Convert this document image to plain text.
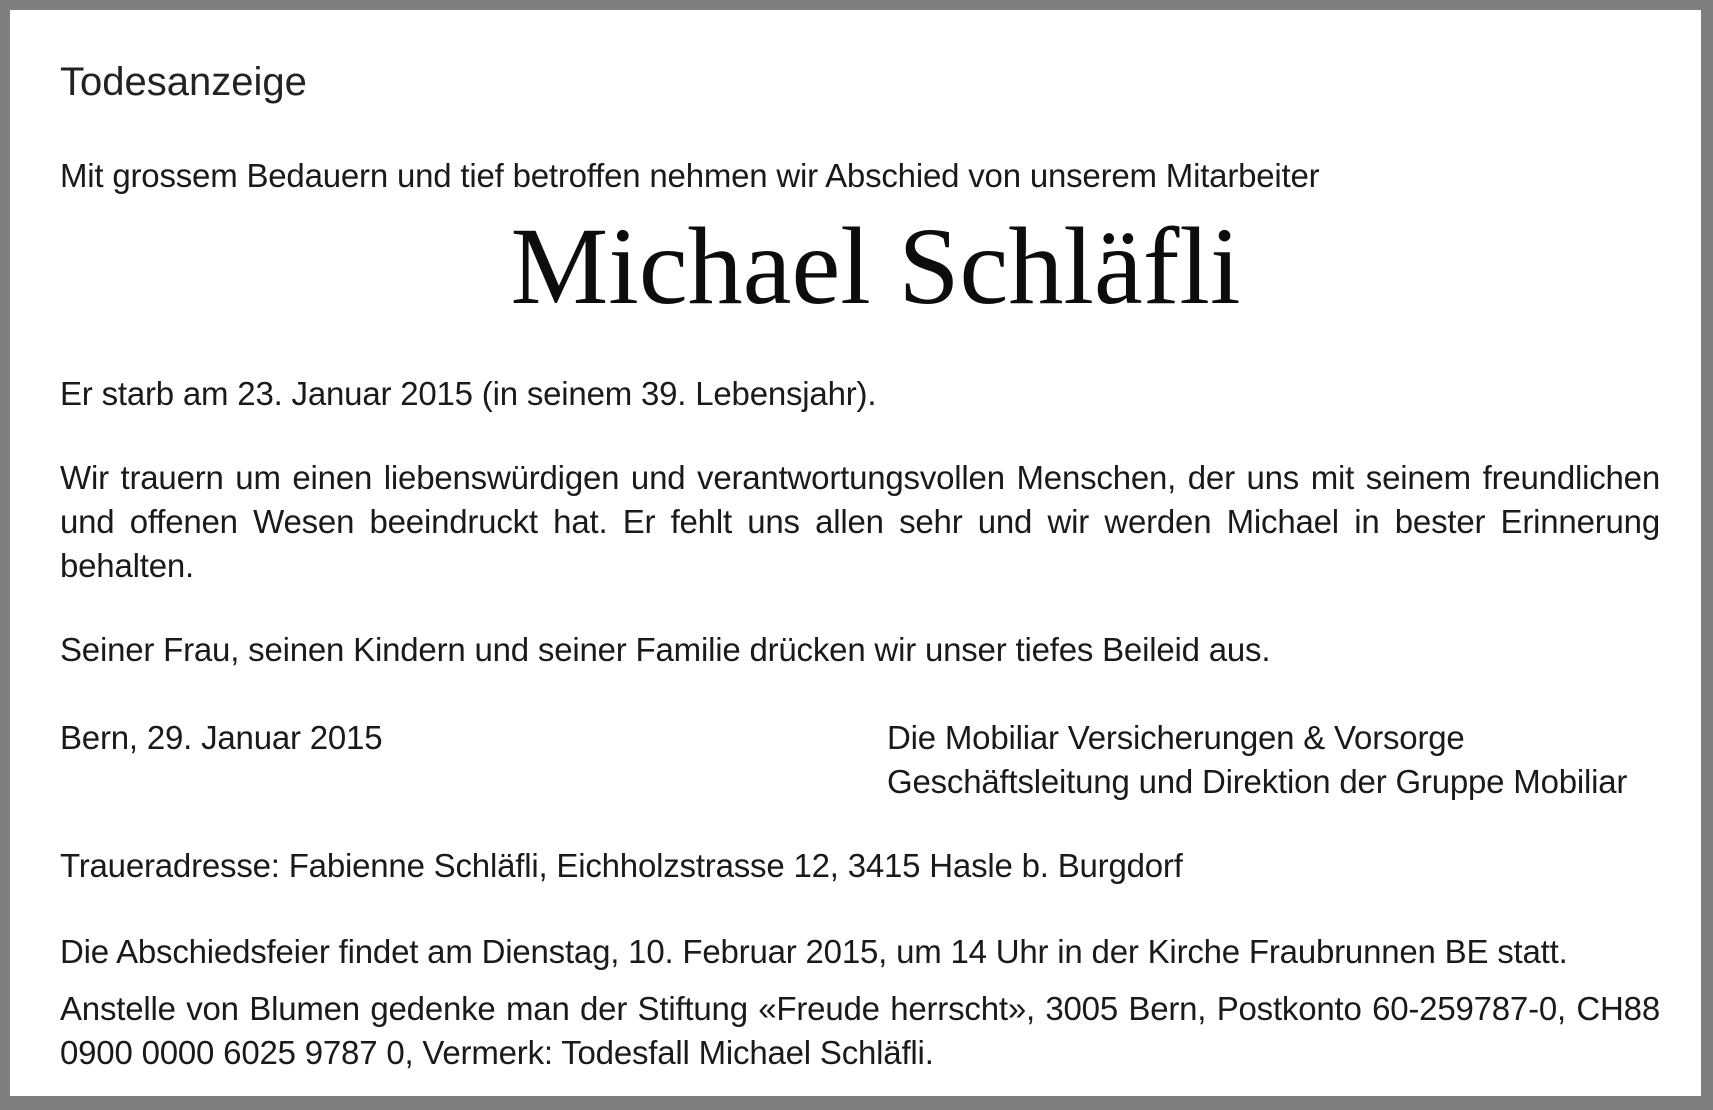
Todesanzeige

Mit grossem Bedauern und tief betroffen nehmen wir Abschied von unserem Mitarbeiter

Michael Schläfli

Er starb am 23. Januar 2015 (in seinem 39. Lebensjahr).

Wir trauern um einen liebenswürdigen und verantwortungsvollen Menschen, der uns mit seinem freundlichen und offenen Wesen beeindruckt hat. Er fehlt uns allen sehr und wir werden Michael in bester Erinnerung behalten.

Seiner Frau, seinen Kindern und seiner Familie drücken wir unser tiefes Beileid aus.

Bern, 29. Januar 2015	Die Mobiliar Versicherungen & Vorsorge

Geschäftsleitung und Direktion der Gruppe Mobiliar

Traueradresse: Fabienne Schläfli, Eichholzstrasse 12, 3415 Hasle b. Burgdorf

Die Abschiedsfeier findet am Dienstag, 10. Februar 2015, um 14 Uhr in der Kirche Fraubrunnen BE statt.

Anstelle von Blumen gedenke man der Stiftung «Freude herrscht», 3005 Bern, Postkonto 60-259787-0, CH88 0900 0000 6025 9787 0, Vermerk: Todesfall Michael Schläfli.
